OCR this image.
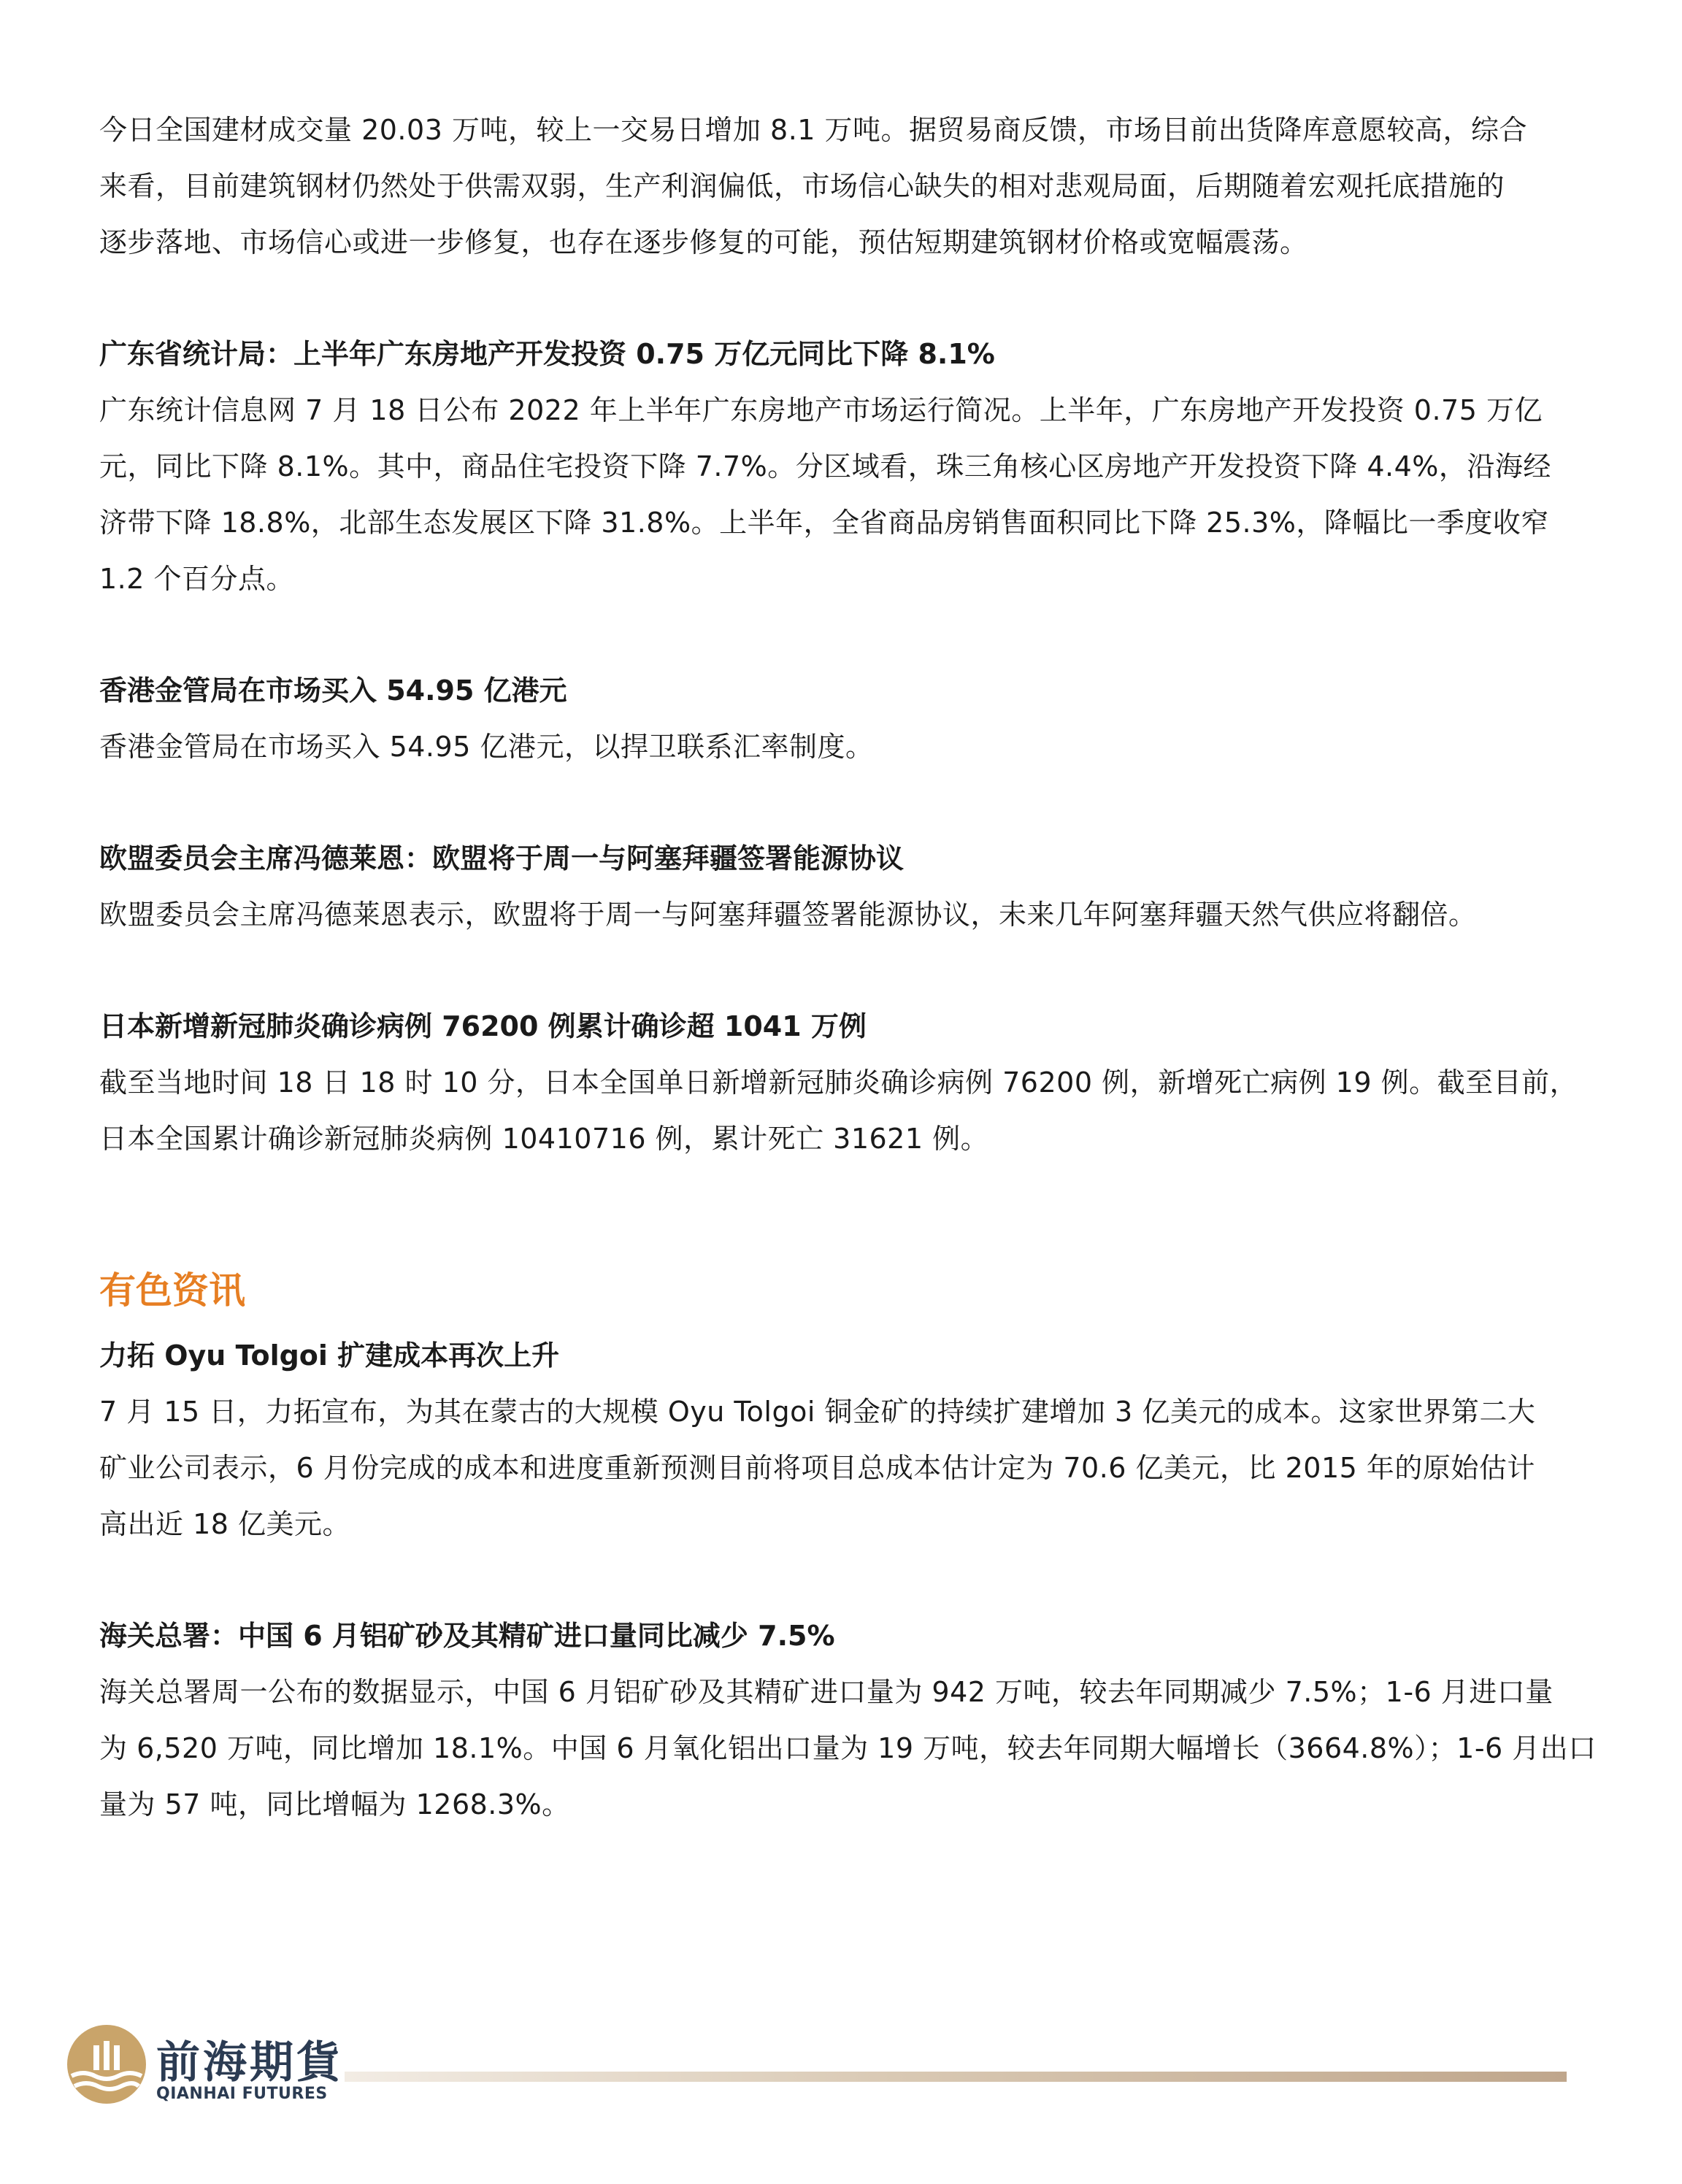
今日全国建材成交量 20.03 万吨，较上一交易日增加 8.1 万吨。据贸易商反馈，市场目前出货降库意愿较高，综合
来看，目前建筑钢材仍然处于供需双弱，生产利润偏低，市场信心缺失的相对悲观局面，后期随着宏观托底措施的
逐步落地、市场信心或进一步修复，也存在逐步修复的可能，预估短期建筑钢材价格或宽幅震荡。
广东省统计局：上半年广东房地产开发投资 0.75 万亿元同比下降 8.1%
广东统计信息网 7 月 18 日公布 2022 年上半年广东房地产市场运行简况。上半年，广东房地产开发投资 0.75 万亿
元，同比下降 8.1%。其中，商品住宅投资下降 7.7%。分区域看，珠三角核心区房地产开发投资下降 4.4%，沿海经
济带下降 18.8%，北部生态发展区下降 31.8%。上半年，全省商品房销售面积同比下降 25.3%，降幅比一季度收窄
1.2 个百分点。
香港金管局在市场买入 54.95 亿港元
香港金管局在市场买入 54.95 亿港元，以捍卫联系汇率制度。
欧盟委员会主席冯德莱恩：欧盟将于周一与阿塞拜疆签署能源协议
欧盟委员会主席冯德莱恩表示，欧盟将于周一与阿塞拜疆签署能源协议，未来几年阿塞拜疆天然气供应将翻倍。
日本新增新冠肺炎确诊病例 76200 例累计确诊超 1041 万例
截至当地时间 18 日 18 时 10 分，日本全国单日新增新冠肺炎确诊病例 76200 例，新增死亡病例 19 例。截至目前，
日本全国累计确诊新冠肺炎病例 10410716 例，累计死亡 31621 例。
有色资讯
力拓 Oyu Tolgoi 扩建成本再次上升
7 月 15 日，力拓宣布，为其在蒙古的大规模 Oyu Tolgoi 铜金矿的持续扩建增加 3 亿美元的成本。这家世界第二大
矿业公司表示，6 月份完成的成本和进度重新预测目前将项目总成本估计定为 70.6 亿美元，比 2015 年的原始估计
高出近 18 亿美元。
海关总署：中国 6 月铝矿砂及其精矿进口量同比减少 7.5%
海关总署周一公布的数据显示，中国 6 月铝矿砂及其精矿进口量为 942 万吨，较去年同期减少 7.5%；1-6 月进口量
为 6,520 万吨，同比增加 18.1%。中国 6 月氧化铝出口量为 19 万吨，较去年同期大幅增长（3664.8%）；1-6 月出口
量为 57 吨，同比增幅为 1268.3%。
前海期貨
QIANHAI FUTURES
